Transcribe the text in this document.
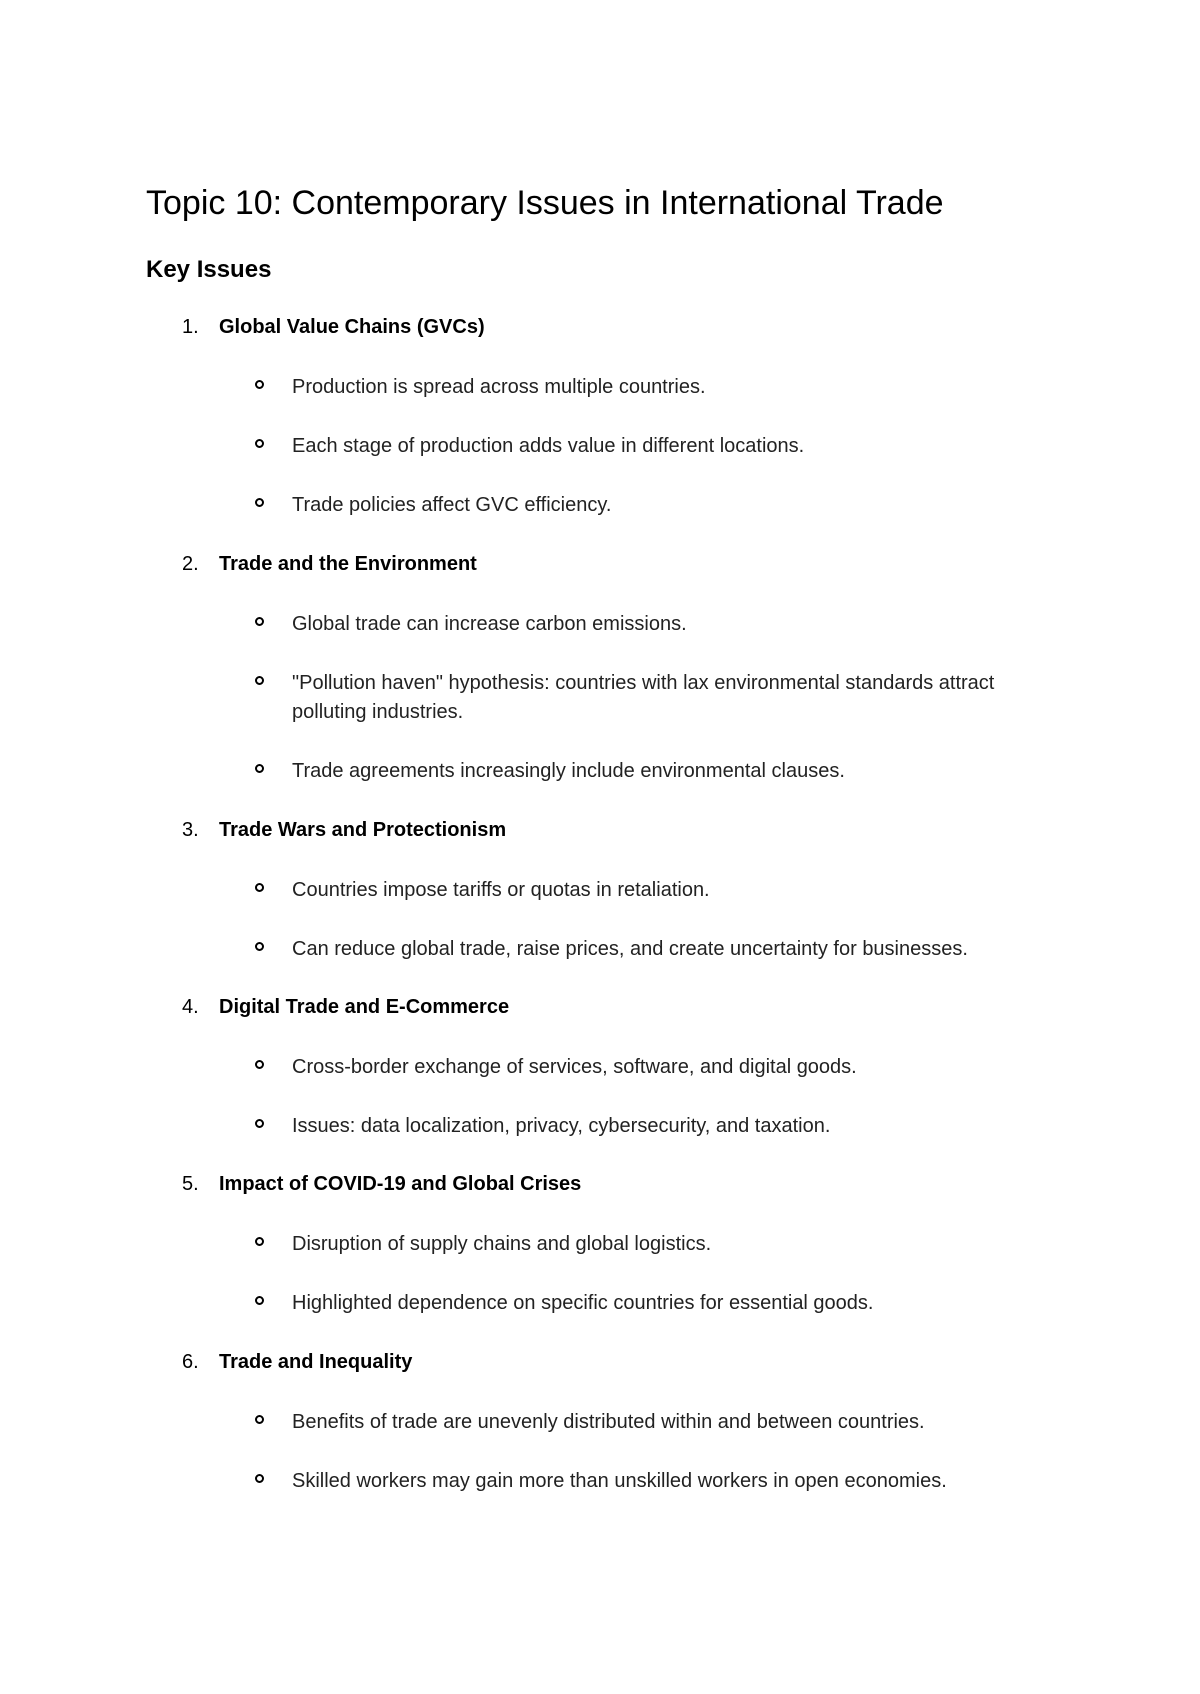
Topic 10: Contemporary Issues in International Trade
Key Issues
1. Global Value Chains (GVCs)
Production is spread across multiple countries.
Each stage of production adds value in different locations.
Trade policies affect GVC efficiency.
2. Trade and the Environment
Global trade can increase carbon emissions.
"Pollution haven" hypothesis: countries with lax environmental standards attract polluting industries.
Trade agreements increasingly include environmental clauses.
3. Trade Wars and Protectionism
Countries impose tariffs or quotas in retaliation.
Can reduce global trade, raise prices, and create uncertainty for businesses.
4. Digital Trade and E-Commerce
Cross-border exchange of services, software, and digital goods.
Issues: data localization, privacy, cybersecurity, and taxation.
5. Impact of COVID-19 and Global Crises
Disruption of supply chains and global logistics.
Highlighted dependence on specific countries for essential goods.
6. Trade and Inequality
Benefits of trade are unevenly distributed within and between countries.
Skilled workers may gain more than unskilled workers in open economies.
